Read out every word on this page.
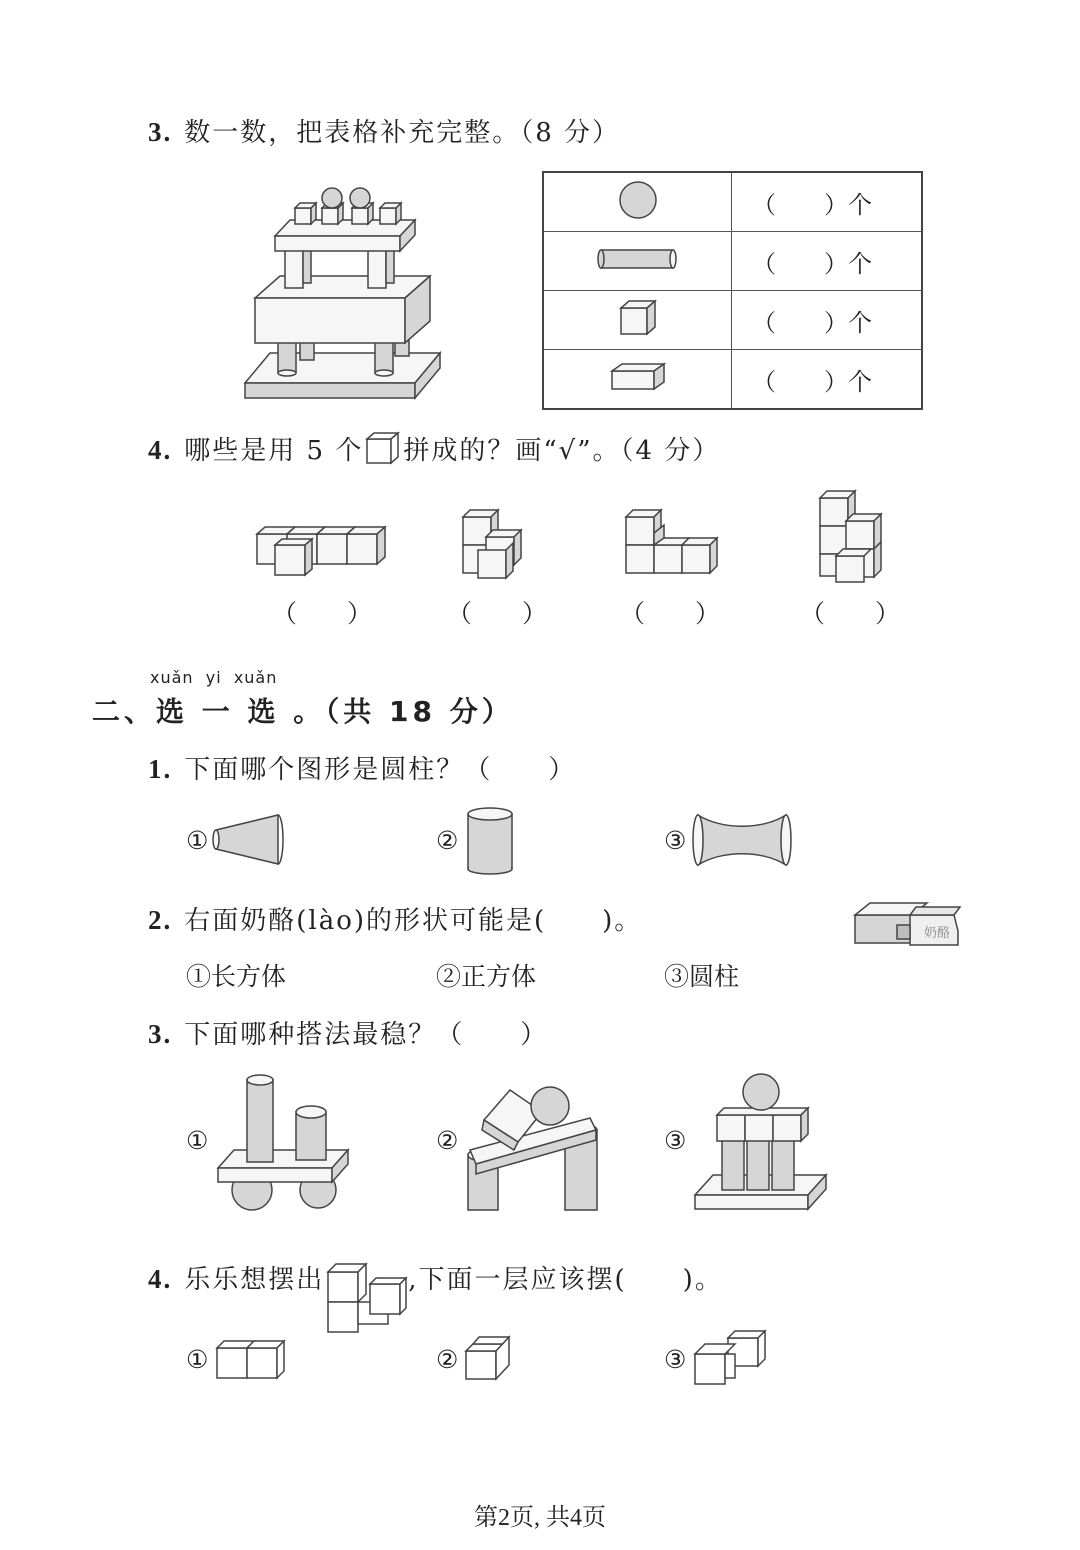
3. 数一数，把表格补充完整。（8 分）
	（　　）个
	（　　）个
	（　　）个
	（　　）个
4. 哪些是用 5 个 拼成的？画“√”。（4 分）
（　　）	（　　）	（　　）	（　　）
xuǎn  yi  xuǎn
二、选 一 选 。（共 18 分）
1. 下面哪个图形是圆柱？（　　）
①	②	③
2. 右面奶酪(lào)的形状可能是(　　)。	奶酪
①长方体	②正方体	③圆柱
3. 下面哪种搭法最稳？（　　）
①	②	③
4. 乐乐想摆出	,下面一层应该摆(　　)。
①	②	③
第2页, 共4页
